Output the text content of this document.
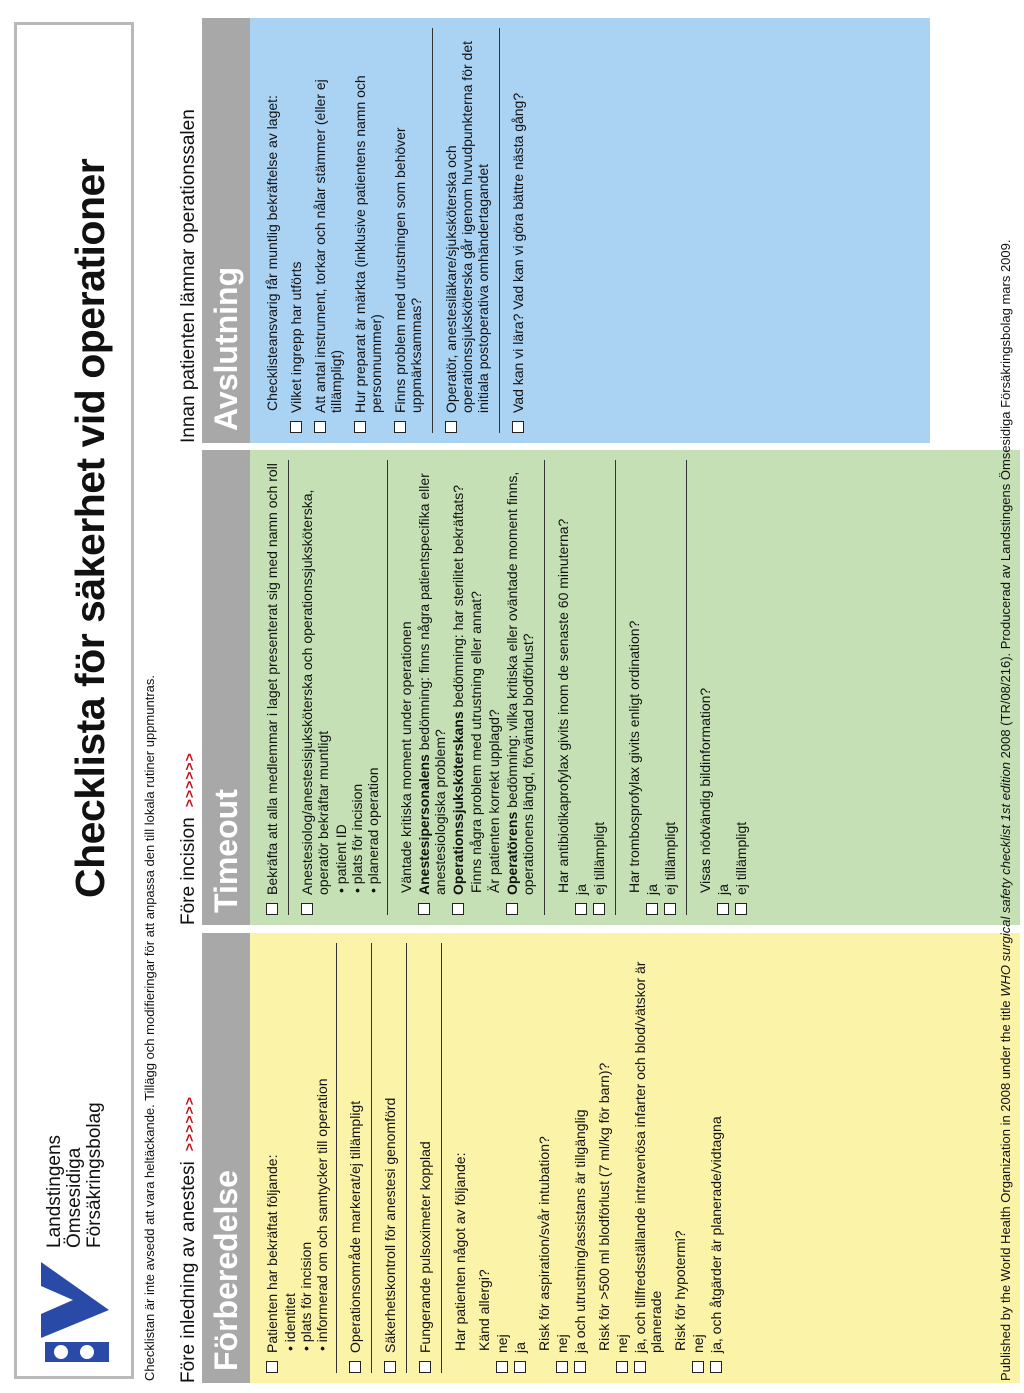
Landstingens Ömsesidiga Försäkringsbolag
Checklista för säkerhet vid operationer
Checklistan är inte avsedd att vara heltäckande. Tillägg och modifieringar för att anpassa den till lokala rutiner uppmuntras. Före inledning av anestesi
>>>>>>
Förberedelse	Patienten har bekräftat följande: • identitet • plats för incision • informerad om och samtycker till operation Operationsområde markerat/ej tillämpligt Säkerhetskontroll för anestesi genomförd Fungerande pulsoximeter kopplad Har patienten något av följande: Känd allergi? nej ja Risk för aspiration/svår intubation? nej ja och utrustning/assistans är tillgänglig Risk för >500 ml blodförlust (7 ml/kg för barn)? nej ja, och tillfredsställande intravenösa infarter och blod/vätskor är planerade Risk för hypotermi? nej ja, och åtgärder är planerade/vidtagna
Före incision
>>>>>>
Timeout	Bekräfta att alla medlemmar i laget presenterat sig med namn och roll Anestesiolog/anestesisjuksköterska och operationssjuksköterska, operatör bekräftar muntligt • patient ID • plats för incision • planerad operation Väntade kritiska moment under operationen Anestesipersonalens bedömning: finns några patientspecifika eller anestesiologiska problem? Operationssjuksköterskans bedömning: har sterilitet bekräftats? Finns några problem med utrustning eller annat? Är patienten korrekt upplagd? Operatörens bedömning: vilka kritiska eller oväntade moment finns, operationens längd, förväntad blodförlust? Har antibiotikaprofylax givits inom de senaste 60 minuterna? ja ej tillämpligt Har trombosprofylax givits enligt ordination? ja ej tillämpligt Visas nödvändig bildinformation? ja ej tillämpligt
Innan patienten lämnar operationssalen Avslutning	Checklisteansvarig får muntlig bekräftelse av laget: Vilket ingrepp har utförts Att antal instrument, torkar och nålar stämmer (eller ej tillämpligt) Hur preparat är märkta (inklusive patientens namn och personnummer) Finns problem med utrustningen som behöver uppmärksammas? Operatör, anestesiläkare/sjuksköterska och operationssjuksköterska går igenom huvudpunkterna för det initiala postoperativa omhändertagandet Vad kan vi lära? Vad kan vi göra bättre nästa gång?
Published by the World Health Organization in 2008 under the title WHO surgical safety checklist 1st edition 2008 (TR/08/216). Producerad av Landstingens Ömsesidiga Försäkringsbolag mars 2009.
